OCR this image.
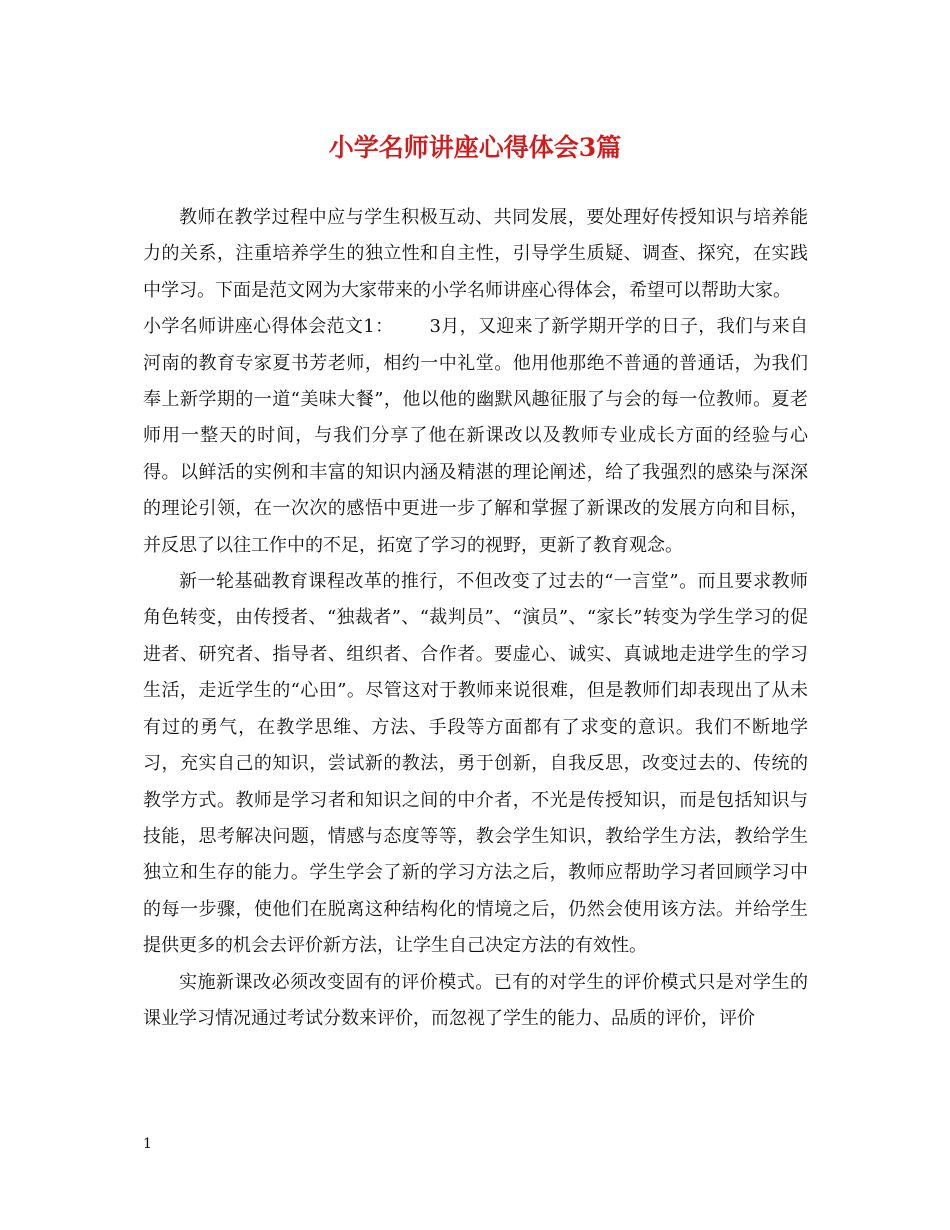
小学名师讲座心得体会3篇

教师在教学过程中应与学生积极互动、共同发展，要处理好传授知识与培养能力的关系，注重培养学生的独立性和自主性，引导学生质疑、调查、探究，在实践中学习。下面是范文网为大家带来的小学名师讲座心得体会，希望可以帮助大家。

小学名师讲座心得体会范文1： 3月，又迎来了新学期开学的日子，我们与来自河南的教育专家夏书芳老师，相约一中礼堂。他用他那绝不普通的普通话，为我们奉上新学期的一道“美味大餐”，他以他的幽默风趣征服了与会的每一位教师。夏老师用一整天的时间，与我们分享了他在新课改以及教师专业成长方面的经验与心得。以鲜活的实例和丰富的知识内涵及精湛的理论阐述，给了我强烈的感染与深深的理论引领，在一次次的感悟中更进一步了解和掌握了新课改的发展方向和目标，并反思了以往工作中的不足，拓宽了学习的视野，更新了教育观念。

新一轮基础教育课程改革的推行，不但改变了过去的“一言堂”。而且要求教师角色转变，由传授者、“独裁者”、“裁判员”、“演员”、“家长”转变为学生学习的促进者、研究者、指导者、组织者、合作者。要虚心、诚实、真诚地走进学生的学习生活，走近学生的“心田”。尽管这对于教师来说很难，但是教师们却表现出了从未有过的勇气，在教学思维、方法、手段等方面都有了求变的意识。我们不断地学习，充实自己的知识，尝试新的教法，勇于创新，自我反思，改变过去的、传统的教学方式。教师是学习者和知识之间的中介者，不光是传授知识，而是包括知识与技能，思考解决问题，情感与态度等等，教会学生知识，教给学生方法，教给学生独立和生存的能力。学生学会了新的学习方法之后，教师应帮助学习者回顾学习中的每一步骤，使他们在脱离这种结构化的情境之后，仍然会使用该方法。并给学生提供更多的机会去评价新方法，让学生自己决定方法的有效性。

实施新课改必须改变固有的评价模式。已有的对学生的评价模式只是对学生的课业学习情况通过考试分数来评价，而忽视了学生的能力、品质的评价，评价

1
